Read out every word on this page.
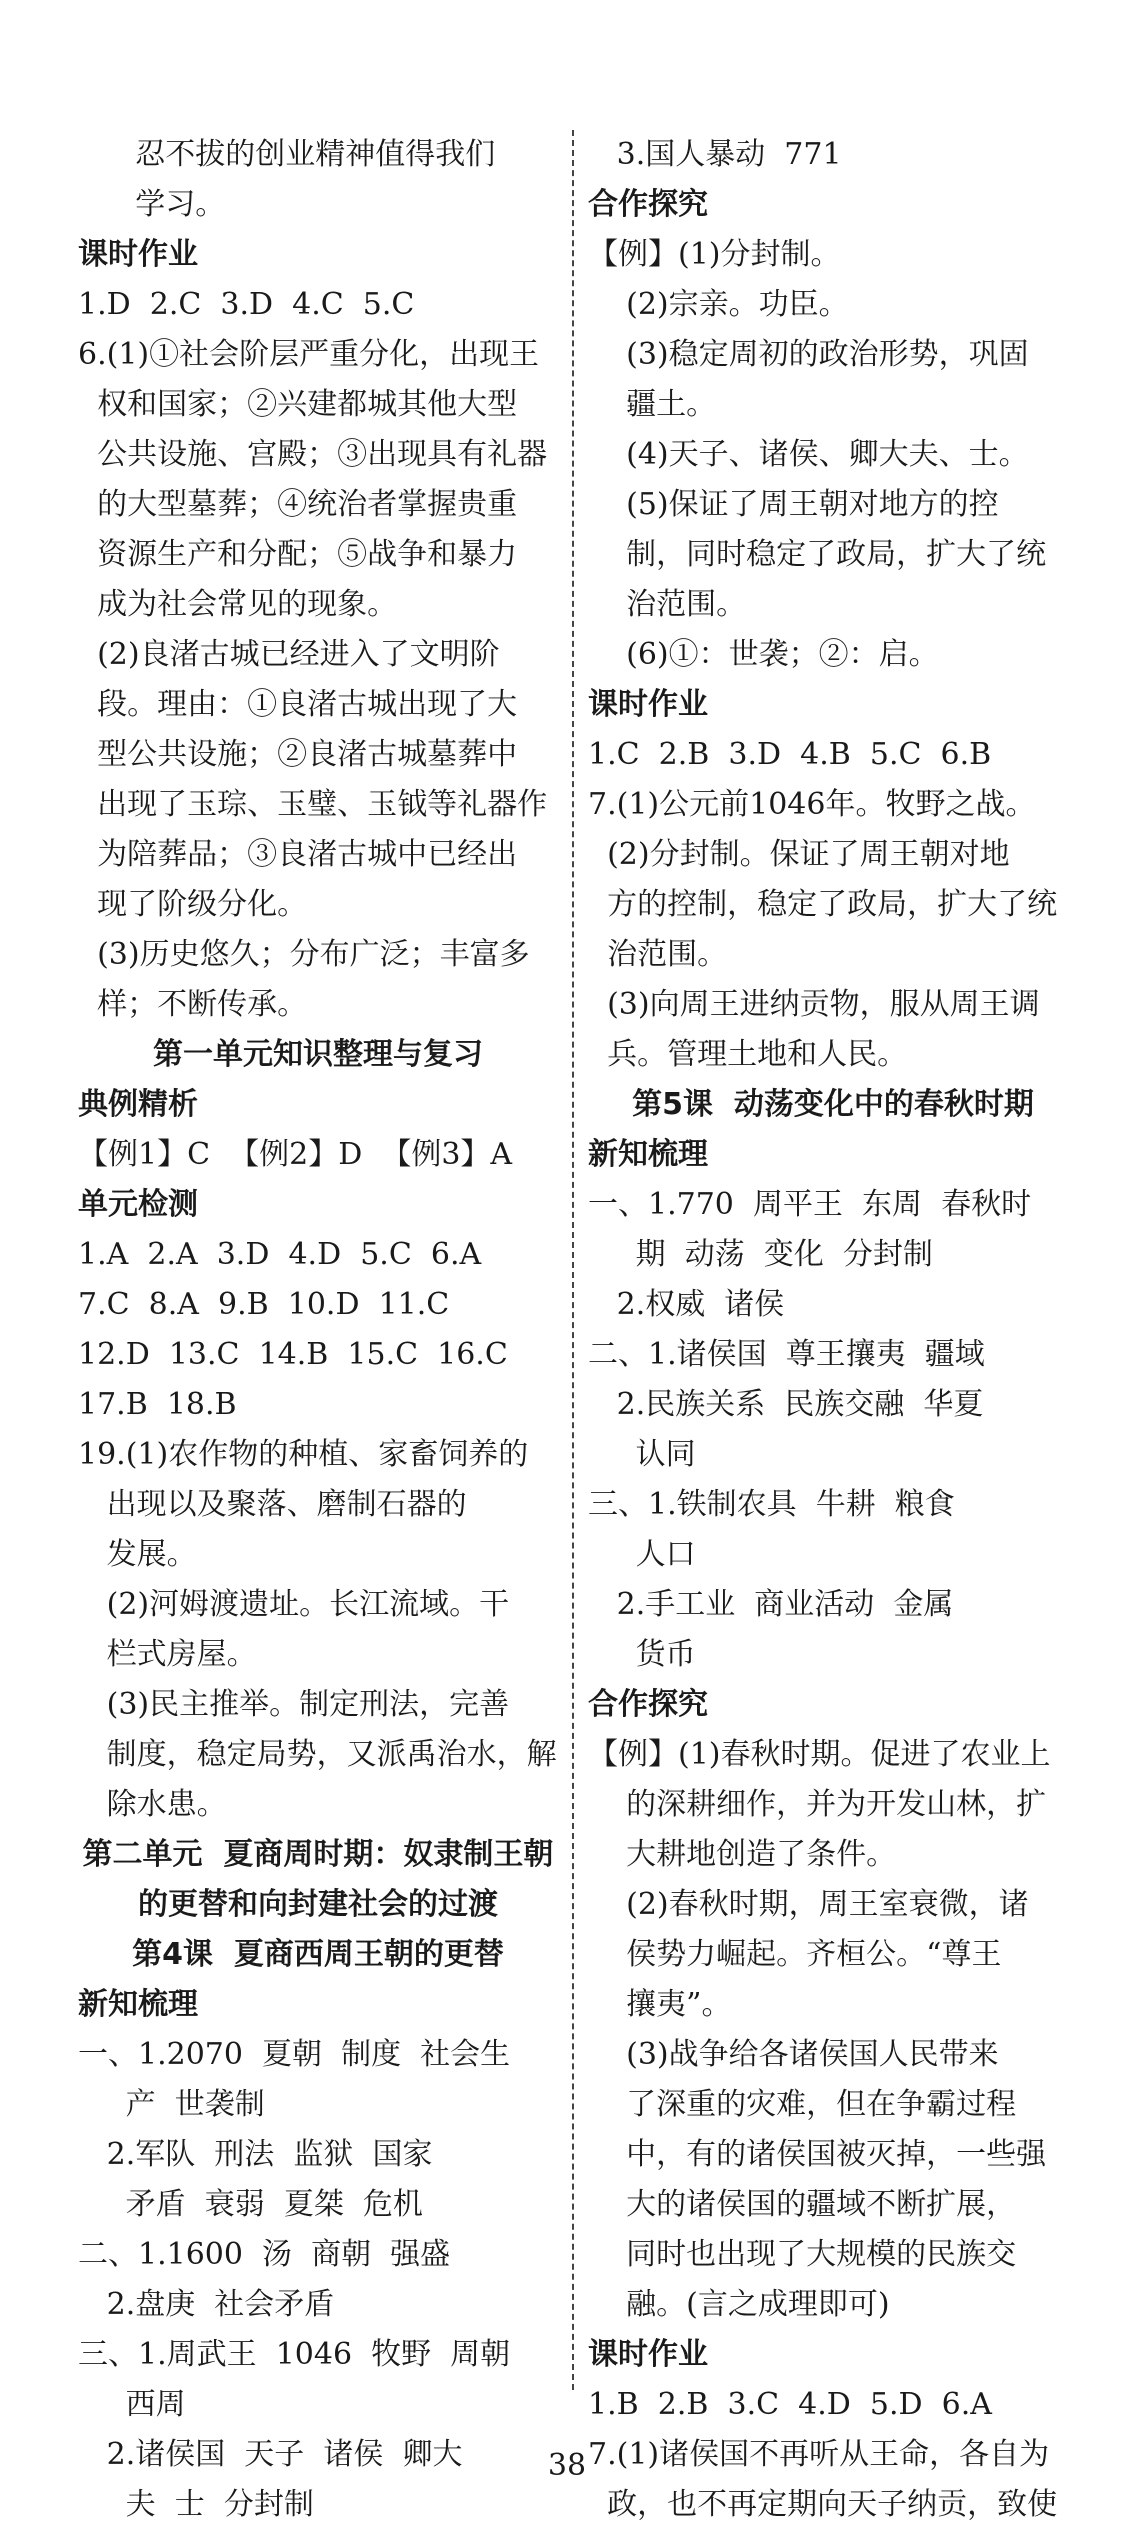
忍不拔的创业精神值得我们
学习。
课时作业
1.D  2.C  3.D  4.C  5.C
6.(1)①社会阶层严重分化，出现王
权和国家；②兴建都城其他大型
公共设施、宫殿；③出现具有礼器
的大型墓葬；④统治者掌握贵重
资源生产和分配；⑤战争和暴力
成为社会常见的现象。
(2)良渚古城已经进入了文明阶
段。理由：①良渚古城出现了大
型公共设施；②良渚古城墓葬中
出现了玉琮、玉璧、玉钺等礼器作
为陪葬品；③良渚古城中已经出
现了阶级分化。
(3)历史悠久；分布广泛；丰富多
样；不断传承。
第一单元知识整理与复习
典例精析
【例1】C  【例2】D  【例3】A
单元检测
1.A  2.A  3.D  4.D  5.C  6.A
7.C  8.A  9.B  10.D  11.C
12.D  13.C  14.B  15.C  16.C
17.B  18.B
19.(1)农作物的种植、家畜饲养的
出现以及聚落、磨制石器的
发展。
(2)河姆渡遗址。长江流域。干
栏式房屋。
(3)民主推举。制定刑法，完善
制度，稳定局势，又派禹治水，解
除水患。
第二单元  夏商周时期：奴隶制王朝
的更替和向封建社会的过渡
第4课  夏商西周王朝的更替
新知梳理
一、1.2070  夏朝  制度  社会生
产  世袭制
2.军队  刑法  监狱  国家
矛盾  衰弱  夏桀  危机
二、1.1600  汤  商朝  强盛
2.盘庚  社会矛盾
三、1.周武王  1046  牧野  周朝
西周
2.诸侯国  天子  诸侯  卿大
夫  士  分封制
3.国人暴动  771
合作探究
【例】(1)分封制。
(2)宗亲。功臣。
(3)稳定周初的政治形势，巩固
疆土。
(4)天子、诸侯、卿大夫、士。
(5)保证了周王朝对地方的控
制，同时稳定了政局，扩大了统
治范围。
(6)①：世袭；②：启。
课时作业
1.C  2.B  3.D  4.B  5.C  6.B
7.(1)公元前1046年。牧野之战。
(2)分封制。保证了周王朝对地
方的控制，稳定了政局，扩大了统
治范围。
(3)向周王进纳贡物，服从周王调
兵。管理土地和人民。
第5课  动荡变化中的春秋时期
新知梳理
一、1.770  周平王  东周  春秋时
期  动荡  变化  分封制
2.权威  诸侯
二、1.诸侯国  尊王攘夷  疆域
2.民族关系  民族交融  华夏
认同
三、1.铁制农具  牛耕  粮食
人口
2.手工业  商业活动  金属
货币
合作探究
【例】(1)春秋时期。促进了农业上
的深耕细作，并为开发山林，扩
大耕地创造了条件。
(2)春秋时期，周王室衰微，诸
侯势力崛起。齐桓公。“尊王
攘夷”。
(3)战争给各诸侯国人民带来
了深重的灾难，但在争霸过程
中，有的诸侯国被灭掉，一些强
大的诸侯国的疆域不断扩展，
同时也出现了大规模的民族交
融。(言之成理即可)
课时作业
1.B  2.B  3.C  4.D  5.D  6.A
7.(1)诸侯国不再听从王命，各自为
政，也不再定期向天子纳贡，致使
38
